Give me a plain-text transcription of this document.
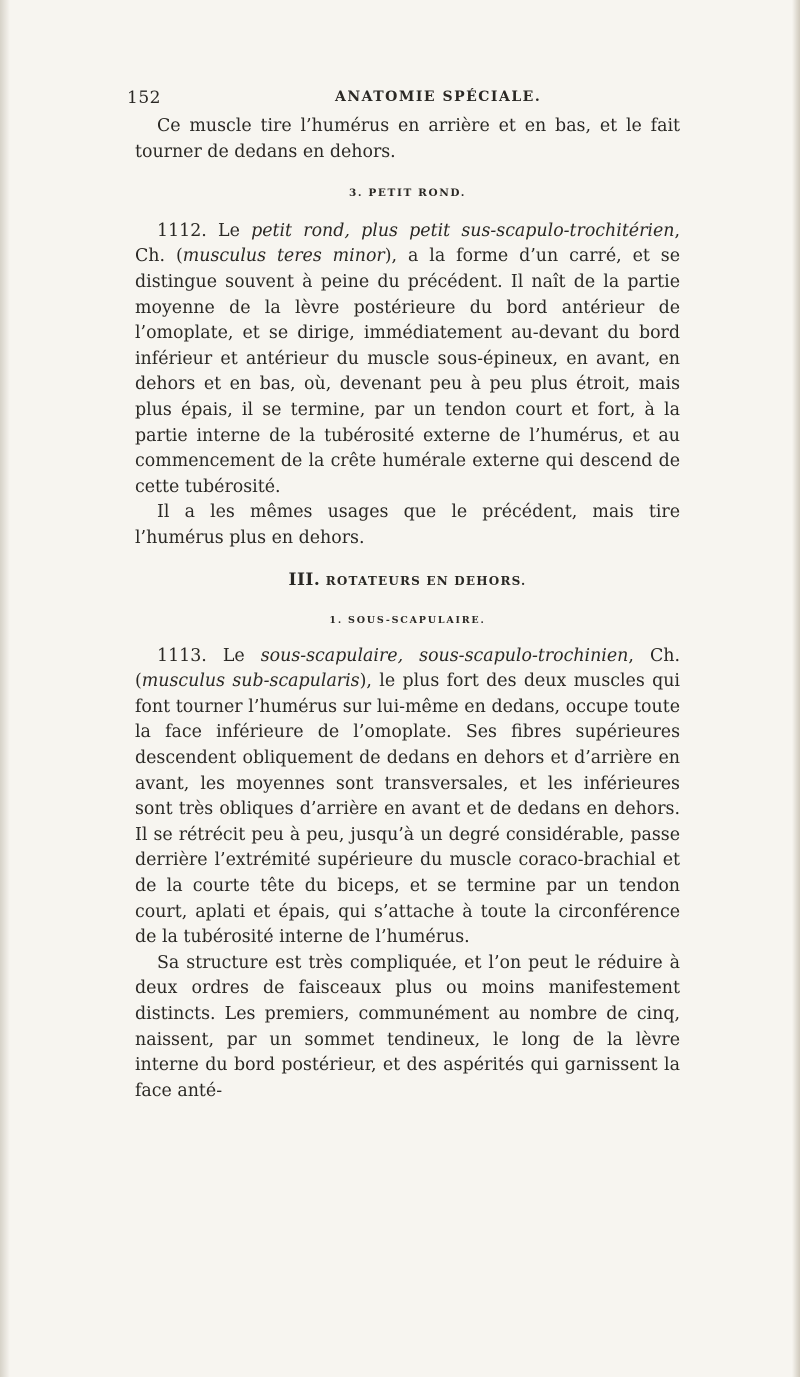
152	ANATOMIE SPÉCIALE.

Ce muscle tire l’humérus en arrière et en bas, et le fait tourner de dedans en dehors.

3. PETIT ROND.

1112. Le petit rond, plus petit sus-scapulo-trochitérien, Ch. (musculus teres minor), a la forme d’un carré, et se distingue souvent à peine du précédent. Il naît de la partie moyenne de la lèvre postérieure du bord antérieur de l’omoplate, et se dirige, immédiatement au-devant du bord inférieur et antérieur du muscle sous-épineux, en avant, en dehors et en bas, où, devenant peu à peu plus étroit, mais plus épais, il se termine, par un tendon court et fort, à la partie interne de la tubérosité externe de l’humérus, et au commencement de la crête humérale externe qui descend de cette tubérosité.

Il a les mêmes usages que le précédent, mais tire l’humérus plus en dehors.

III. ROTATEURS EN DEHORS.
1. SOUS-SCAPULAIRE.

1113. Le sous-scapulaire, sous-scapulo-trochinien, Ch. (musculus sub-scapularis), le plus fort des deux muscles qui font tourner l’humérus sur lui-même en dedans, occupe toute la face inférieure de l’omoplate. Ses fibres supérieures descendent obliquement de dedans en dehors et d’arrière en avant, les moyennes sont transversales, et les inférieures sont très obliques d’arrière en avant et de dedans en dehors. Il se rétrécit peu à peu, jusqu’à un degré considérable, passe derrière l’extrémité supérieure du muscle coraco-brachial et de la courte tête du biceps, et se termine par un tendon court, aplati et épais, qui s’attache à toute la circonférence de la tubérosité interne de l’humérus.

Sa structure est très compliquée, et l’on peut le réduire à deux ordres de faisceaux plus ou moins manifestement distincts. Les premiers, communément au nombre de cinq, naissent, par un sommet tendineux, le long de la lèvre interne du bord postérieur, et des aspérités qui garnissent la face anté-
